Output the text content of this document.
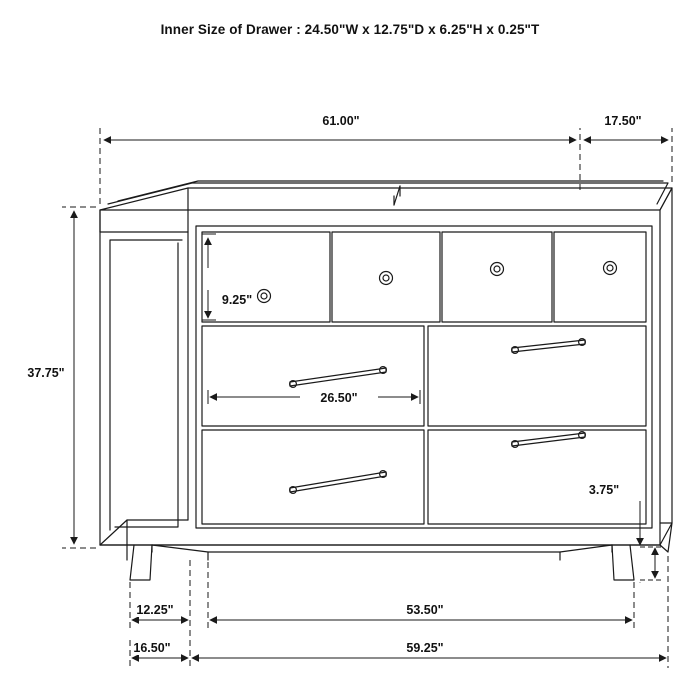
Inner Size of Drawer : 24.50"W x 12.75"D x 6.25"H x 0.25"T
61.00"	17.50"
37.75"
9.25"
26.50"
3.75"
12.25"
16.50"
53.50"
59.25"
